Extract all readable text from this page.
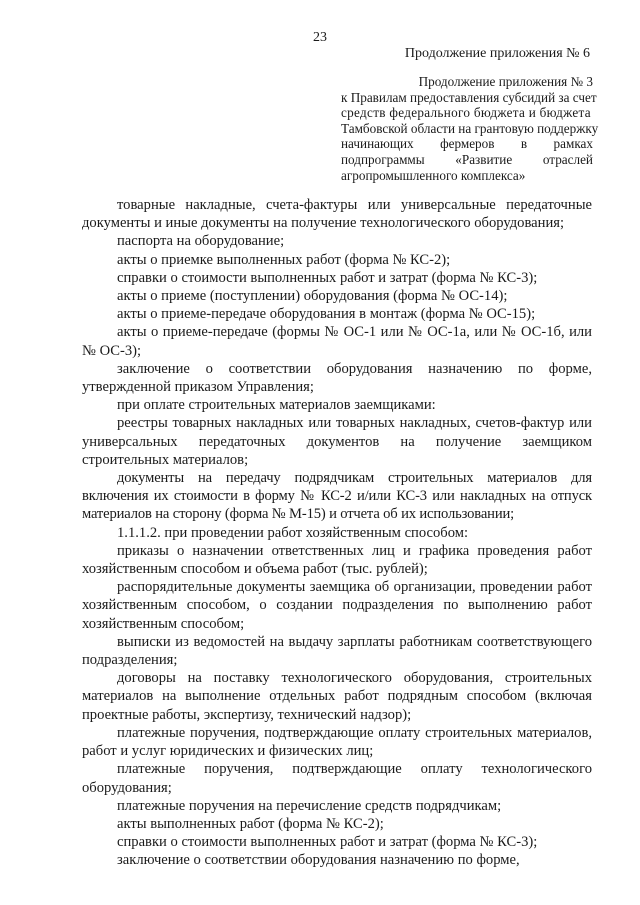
23
Продолжение приложения № 6
Продолжение приложения № 3
к Правилам предоставления субсидий за счет
средств федерального бюджета и бюджета
Тамбовской области на грантовую поддержку
начинающих фермеров в рамках
подпрограммы «Развитие отраслей
агропромышленного комплекса»

товарные накладные, счета-фактуры или универсальные передаточные документы и иные документы на получение технологического оборудования;

паспорта на оборудование;

акты о приемке выполненных работ (форма № КС-2);

справки о стоимости выполненных работ и затрат (форма № КС-3);

акты о приеме (поступлении) оборудования (форма № ОС-14);

акты о приеме-передаче оборудования в монтаж (форма № ОС-15);

акты о приеме-передаче (формы № ОС-1 или № ОС-1а, или № ОС-1б, или № ОС-3);

заключение о соответствии оборудования назначению по форме, утвержденной приказом Управления;

при оплате строительных материалов заемщиками:

реестры товарных накладных или товарных накладных, счетов-фактур или универсальных передаточных документов на получение заемщиком строительных материалов;

документы на передачу подрядчикам строительных материалов для включения их стоимости в форму № КС-2 и/или КС-3 или накладных на отпуск материалов на сторону (форма № М-15) и отчета об их использовании;

1.1.1.2. при проведении работ хозяйственным способом:

приказы о назначении ответственных лиц и графика проведения работ хозяйственным способом и объема работ (тыс. рублей);

распорядительные документы заемщика об организации, проведении работ хозяйственным способом, о создании подразделения по выполнению работ хозяйственным способом;

выписки из ведомостей на выдачу зарплаты работникам соответствующего подразделения;

договоры на поставку технологического оборудования, строительных материалов на выполнение отдельных работ подрядным способом (включая проектные работы, экспертизу, технический надзор);

платежные поручения, подтверждающие оплату строительных материалов, работ и услуг юридических и физических лиц;

платежные поручения, подтверждающие оплату технологического оборудования;

платежные поручения на перечисление средств подрядчикам;

акты выполненных работ (форма № КС-2);

справки о стоимости выполненных работ и затрат (форма № КС-3);

заключение о соответствии оборудования назначению по форме,
